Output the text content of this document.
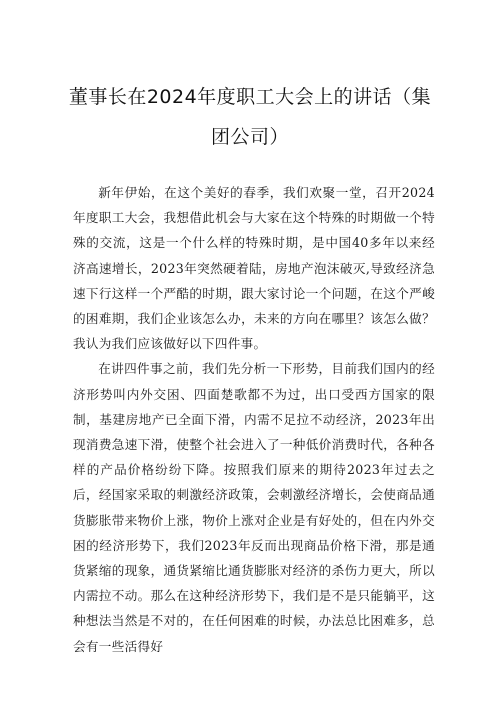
董事长在2024年度职工大会上的讲话（集
团公司）

新年伊始，在这个美好的春季，我们欢聚一堂，召开2024年度职工大会，我想借此机会与大家在这个特殊的时期做一个特殊的交流，这是一个什么样的特殊时期，是中国40多年以来经济高速增长，2023年突然硬着陆，房地产泡沫破灭,导致经济急速下行这样一个严酷的时期，跟大家讨论一个问题，在这个严峻的困难期，我们企业该怎么办，未来的方向在哪里？该怎么做？我认为我们应该做好以下四件事。

在讲四件事之前，我们先分析一下形势，目前我们国内的经济形势叫内外交困、四面楚歌都不为过，出口受西方国家的限制，基建房地产已全面下滑，内需不足拉不动经济，2023年出现消费急速下滑，使整个社会进入了一种低价消费时代，各种各样的产品价格纷纷下降。按照我们原来的期待2023年过去之后，经国家采取的刺激经济政策，会刺激经济增长，会使商品通货膨胀带来物价上涨，物价上涨对企业是有好处的，但在内外交困的经济形势下，我们2023年反而出现商品价格下滑，那是通货紧缩的现象，通货紧缩比通货膨胀对经济的杀伤力更大，所以内需拉不动。那么在这种经济形势下，我们是不是只能躺平，这种想法当然是不对的，在任何困难的时候，办法总比困难多，总会有一些活得好
